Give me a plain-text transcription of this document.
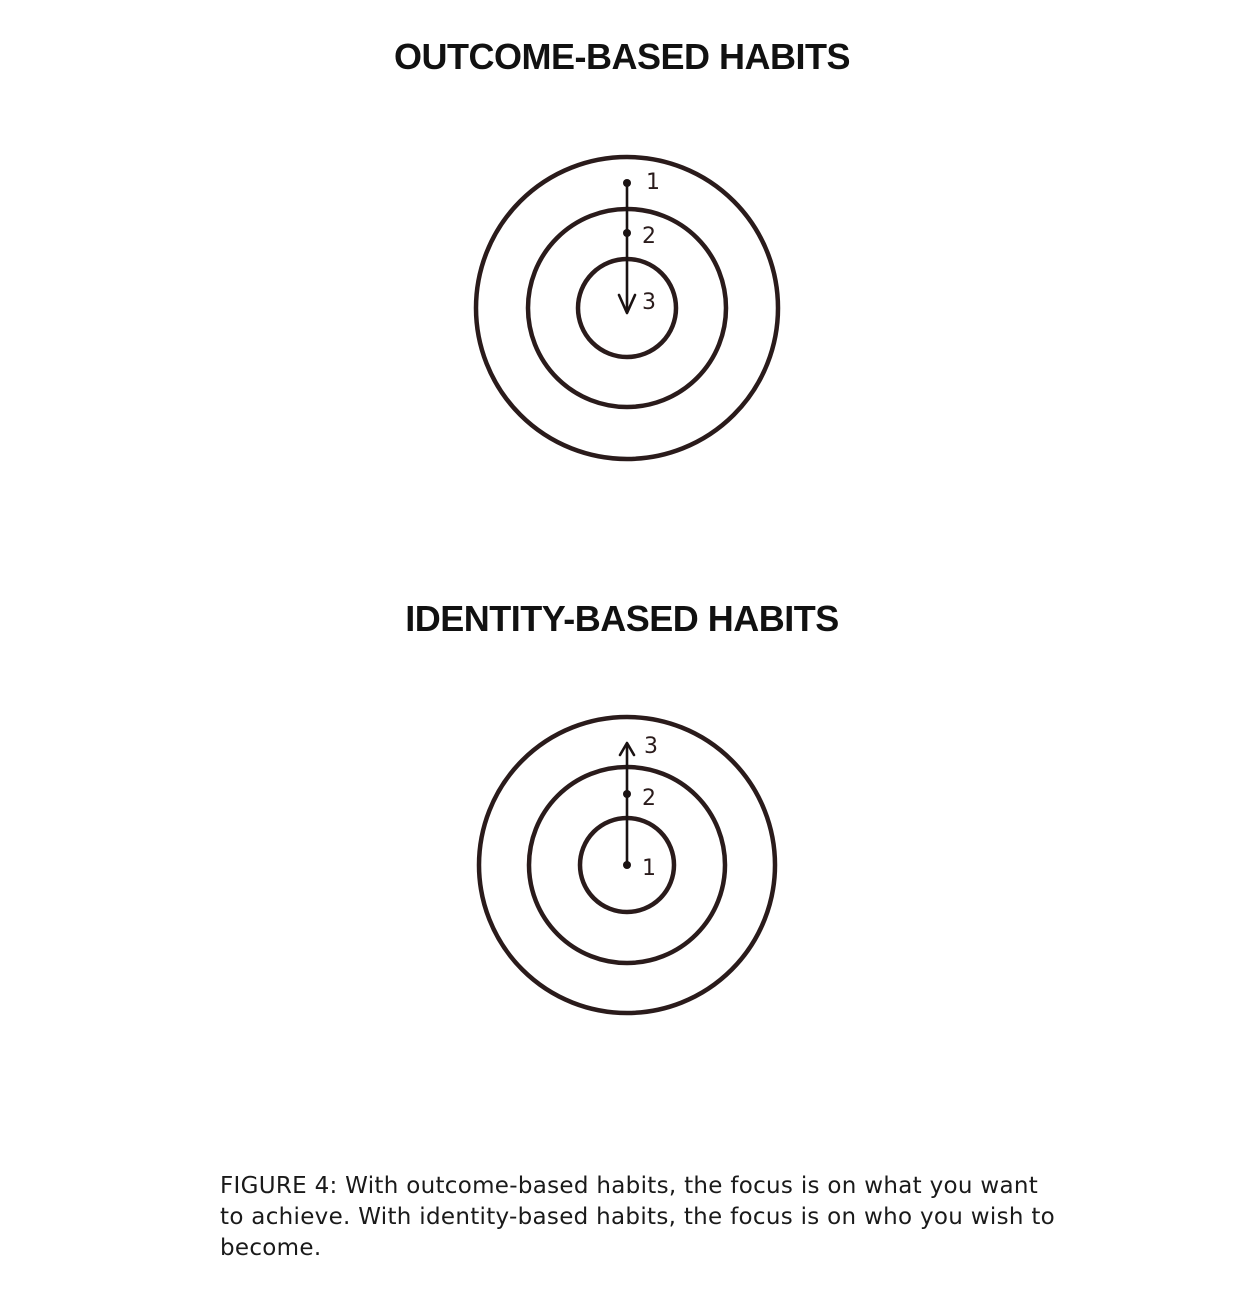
OUTCOME-BASED HABITS
1
2
3
IDENTITY-BASED HABITS
1
2
3

FIGURE 4: With outcome-based habits, the focus is on what you want to achieve. With identity-based habits, the focus is on who you wish to become.
